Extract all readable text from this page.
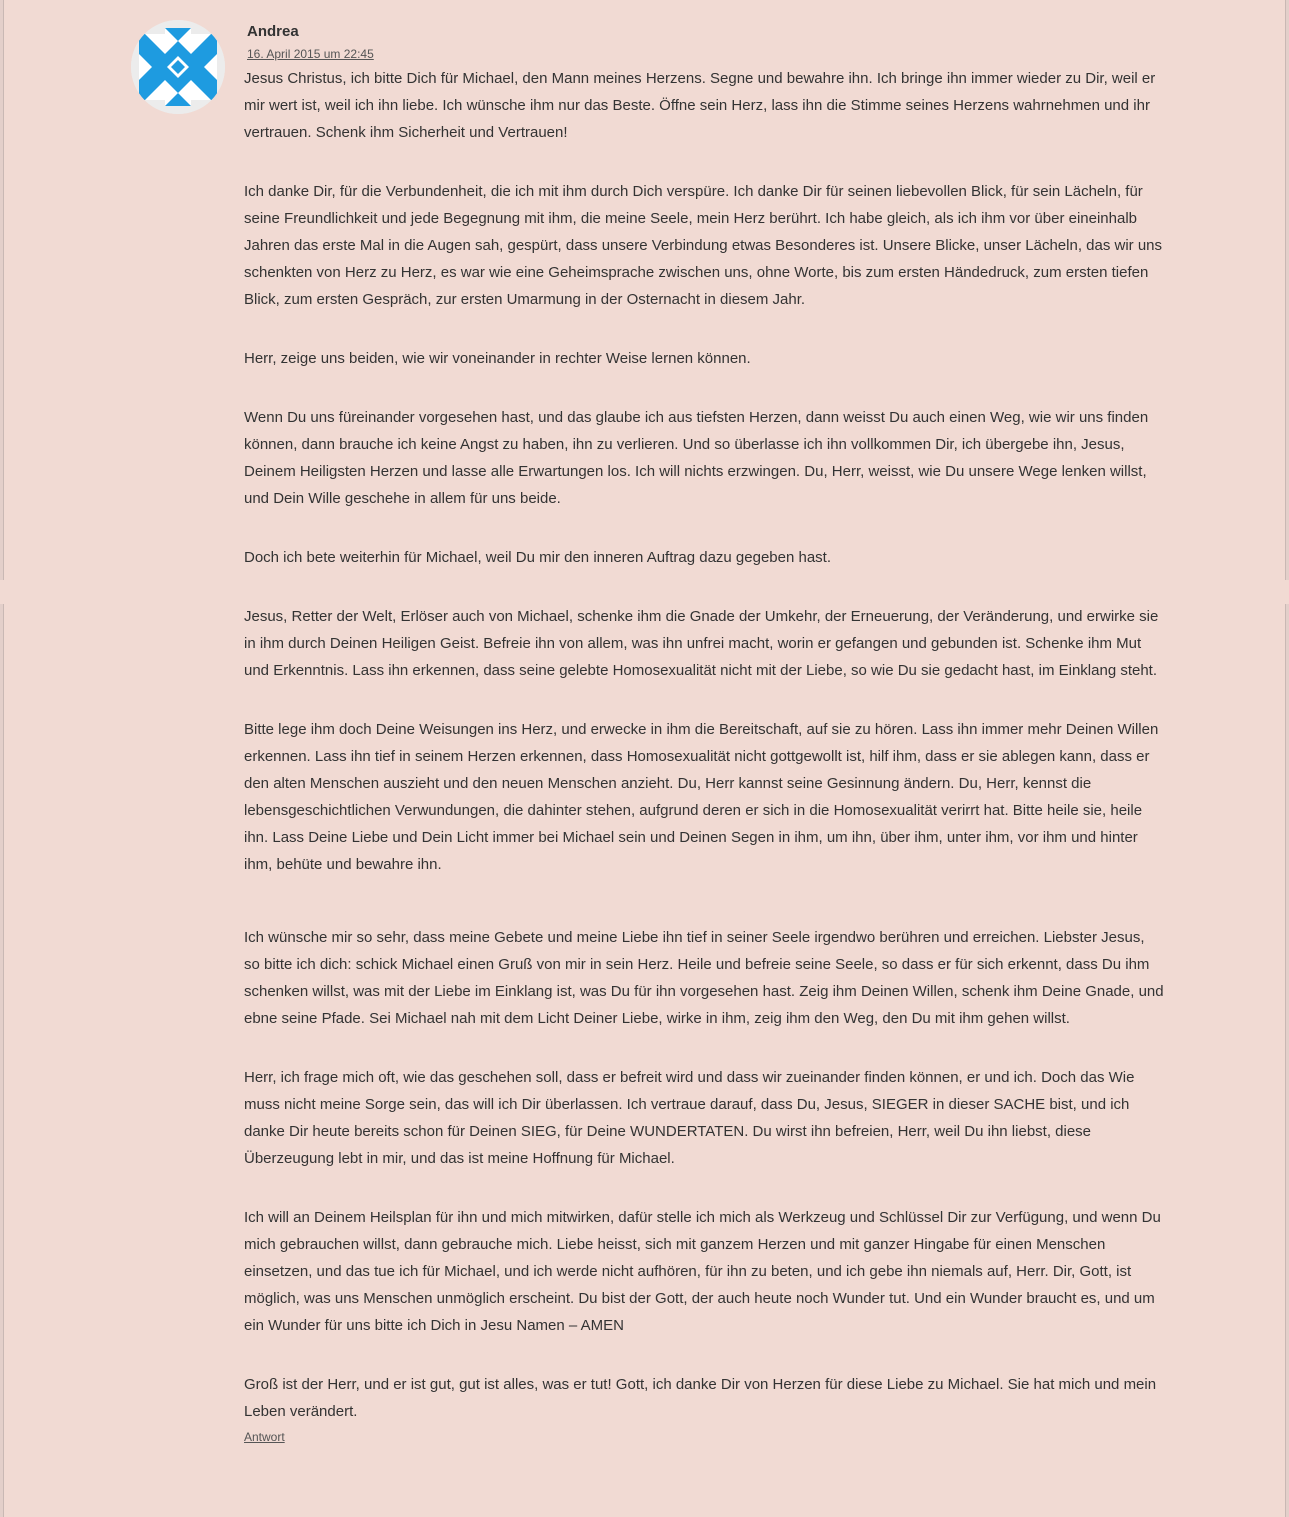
Andrea
16. April 2015 um 22:45

Jesus Christus, ich bitte Dich für Michael, den Mann meines Herzens. Segne und bewahre ihn. Ich bringe ihn immer wieder zu Dir, weil er mir wert ist, weil ich ihn liebe. Ich wünsche ihm nur das Beste. Öffne sein Herz, lass ihn die Stimme seines Herzens wahrnehmen und ihr vertrauen. Schenk ihm Sicherheit und Vertrauen!

Ich danke Dir, für die Verbundenheit, die ich mit ihm durch Dich verspüre. Ich danke Dir für seinen liebevollen Blick, für sein Lächeln, für seine Freundlichkeit und jede Begegnung mit ihm, die meine Seele, mein Herz berührt. Ich habe gleich, als ich ihm vor über eineinhalb Jahren das erste Mal in die Augen sah, gespürt, dass unsere Verbindung etwas Besonderes ist. Unsere Blicke, unser Lächeln, das wir uns schenkten von Herz zu Herz, es war wie eine Geheimsprache zwischen uns, ohne Worte, bis zum ersten Händedruck, zum ersten tiefen Blick, zum ersten Gespräch, zur ersten Umarmung in der Osternacht in diesem Jahr.

Herr, zeige uns beiden, wie wir voneinander in rechter Weise lernen können.

Wenn Du uns füreinander vorgesehen hast, und das glaube ich aus tiefsten Herzen, dann weisst Du auch einen Weg, wie wir uns finden können, dann brauche ich keine Angst zu haben, ihn zu verlieren. Und so überlasse ich ihn vollkommen Dir, ich übergebe ihn, Jesus, Deinem Heiligsten Herzen und lasse alle Erwartungen los. Ich will nichts erzwingen. Du, Herr, weisst, wie Du unsere Wege lenken willst, und Dein Wille geschehe in allem für uns beide.

Doch ich bete weiterhin für Michael, weil Du mir den inneren Auftrag dazu gegeben hast.

Jesus, Retter der Welt, Erlöser auch von Michael, schenke ihm die Gnade der Umkehr, der Erneuerung, der Veränderung, und erwirke sie in ihm durch Deinen Heiligen Geist. Befreie ihn von allem, was ihn unfrei macht, worin er gefangen und gebunden ist. Schenke ihm Mut und Erkenntnis. Lass ihn erkennen, dass seine gelebte Homosexualität nicht mit der Liebe, so wie Du sie gedacht hast, im Einklang steht.

Bitte lege ihm doch Deine Weisungen ins Herz, und erwecke in ihm die Bereitschaft, auf sie zu hören. Lass ihn immer mehr Deinen Willen erkennen. Lass ihn tief in seinem Herzen erkennen, dass Homosexualität nicht gottgewollt ist, hilf ihm, dass er sie ablegen kann, dass er den alten Menschen auszieht und den neuen Menschen anzieht. Du, Herr kannst seine Gesinnung ändern. Du, Herr, kennst die lebensgeschichtlichen Verwundungen, die dahinter stehen, aufgrund deren er sich in die Homosexualität verirrt hat. Bitte heile sie, heile ihn. Lass Deine Liebe und Dein Licht immer bei Michael sein und Deinen Segen in ihm, um ihn, über ihm, unter ihm, vor ihm und hinter ihm, behüte und bewahre ihn.

Ich wünsche mir so sehr, dass meine Gebete und meine Liebe ihn tief in seiner Seele irgendwo berühren und erreichen. Liebster Jesus, so bitte ich dich: schick Michael einen Gruß von mir in sein Herz. Heile und befreie seine Seele, so dass er für sich erkennt, dass Du ihm schenken willst, was mit der Liebe im Einklang ist, was Du für ihn vorgesehen hast. Zeig ihm Deinen Willen, schenk ihm Deine Gnade, und ebne seine Pfade. Sei Michael nah mit dem Licht Deiner Liebe, wirke in ihm, zeig ihm den Weg, den Du mit ihm gehen willst.

Herr, ich frage mich oft, wie das geschehen soll, dass er befreit wird und dass wir zueinander finden können, er und ich. Doch das Wie muss nicht meine Sorge sein, das will ich Dir überlassen. Ich vertraue darauf, dass Du, Jesus, SIEGER in dieser SACHE bist, und ich danke Dir heute bereits schon für Deinen SIEG, für Deine WUNDERTATEN. Du wirst ihn befreien, Herr, weil Du ihn liebst, diese Überzeugung lebt in mir, und das ist meine Hoffnung für Michael.

Ich will an Deinem Heilsplan für ihn und mich mitwirken, dafür stelle ich mich als Werkzeug und Schlüssel Dir zur Verfügung, und wenn Du mich gebrauchen willst, dann gebrauche mich. Liebe heisst, sich mit ganzem Herzen und mit ganzer Hingabe für einen Menschen einsetzen, und das tue ich für Michael, und ich werde nicht aufhören, für ihn zu beten, und ich gebe ihn niemals auf, Herr. Dir, Gott, ist möglich, was uns Menschen unmöglich erscheint. Du bist der Gott, der auch heute noch Wunder tut. Und ein Wunder braucht es, und um ein Wunder für uns bitte ich Dich in Jesu Namen – AMEN

Groß ist der Herr, und er ist gut, gut ist alles, was er tut! Gott, ich danke Dir von Herzen für diese Liebe zu Michael. Sie hat mich und mein Leben verändert.

Antwort
